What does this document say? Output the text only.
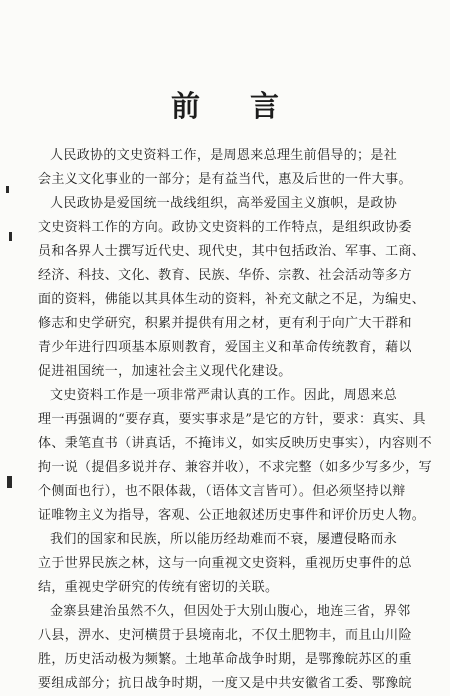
前 言
人民政协的文史资料工作，是周恩来总理生前倡导的；是社
会主义文化事业的一部分；是有益当代，惠及后世的一件大事。
人民政协是爱国统一战线组织，高举爱国主义旗帜，是政协
文史资料工作的方向。政协文史资料的工作特点，是组织政协委
员和各界人士撰写近代史、现代史，其中包括政治、军事、工商、
经济、科技、文化、教育、民族、华侨、宗教、社会活动等多方
面的资料，佛能以其具体生动的资料，补充文献之不足，为编史、
修志和史学研究，积累并提供有用之材，更有利于向广大干群和
青少年进行四项基本原则教育，爱国主义和革命传统教育，藉以
促进祖国统一，加速社会主义现代化建设。
文史资料工作是一项非常严肃认真的工作。因此，周恩来总
理一再强调的“要存真，要实事求是”是它的方针，要求：真实、具
体、秉笔直书（讲真话，不掩讳义，如实反映历史事实），内容则不
拘一说（提倡多说并存、兼容并收），不求完整（如多少写多少，写
个侧面也行），也不限体裁，（语体文言皆可）。但必须坚持以辩
证唯物主义为指导，客观、公正地叙述历史事件和评价历史人物。
我们的国家和民族，所以能历经劫难而不衰，屡遭侵略而永
立于世界民族之林，这与一向重视文史资料，重视历史事件的总
结，重视史学研究的传统有密切的关联。
金寨县建治虽然不久，但因处于大别山腹心，地连三省，界邻
八县，淠水、史河横贯于县境南北，不仅土肥物丰，而且山川险
胜，历史活动极为频繁。土地革命战争时期，是鄂豫皖苏区的重
要组成部分；抗日战争时期，一度又是中共安徽省工委、鄂豫皖
